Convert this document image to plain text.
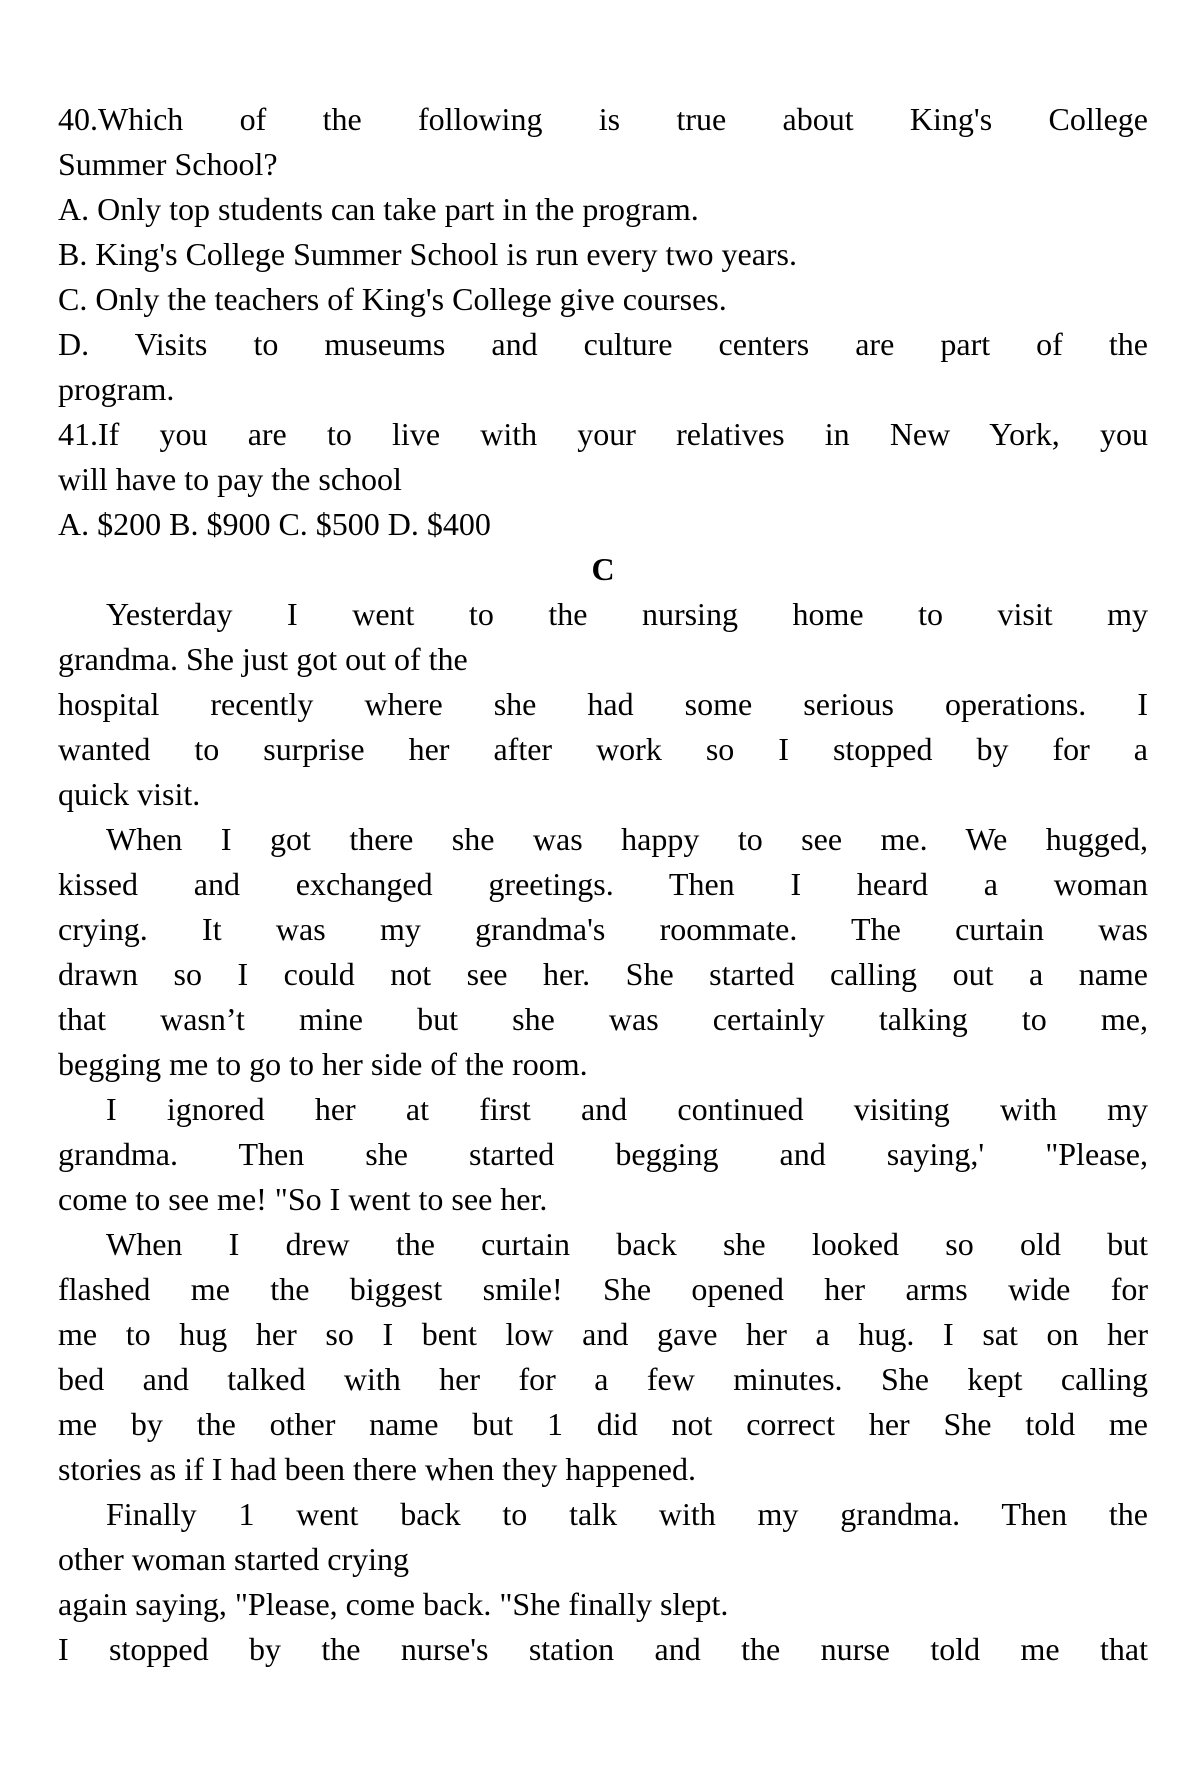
40.Which of the following is true about King's College
Summer School?
A. Only top students can take part in the program.
B. King's College Summer School is run every two years.
C. Only the teachers of King's College give courses.
D. Visits to museums and culture centers are part of the
program.
41.If you are to live with your relatives in New York, you
will have to pay the school
A. $200 B. $900 C. $500 D. $400
C
Yesterday I went to the nursing home to visit my
grandma. She just got out of the
hospital recently where she had some serious operations. I
wanted to surprise her after work so I stopped by for a
quick visit.
When I got there she was happy to see me. We hugged,
kissed and exchanged greetings. Then I heard a woman
crying. It was my grandma's roommate. The curtain was
drawn so I could not see her. She started calling out a name
that wasn’t mine but she was certainly talking to me,
begging me to go to her side of the room.
I ignored her at first and continued visiting with my
grandma. Then she started begging and saying,' "Please,
come to see me! "So I went to see her.
When I drew the curtain back she looked so old but
flashed me the biggest smile! She opened her arms wide for
me to hug her so I bent low and gave her a hug. I sat on her
bed and talked with her for a few minutes. She kept calling
me by the other name but 1 did not correct her She told me
stories as if I had been there when they happened.
Finally 1 went back to talk with my grandma. Then the
other woman started crying
again saying, "Please, come back. "She finally slept.
I stopped by the nurse's station and the nurse told me that
